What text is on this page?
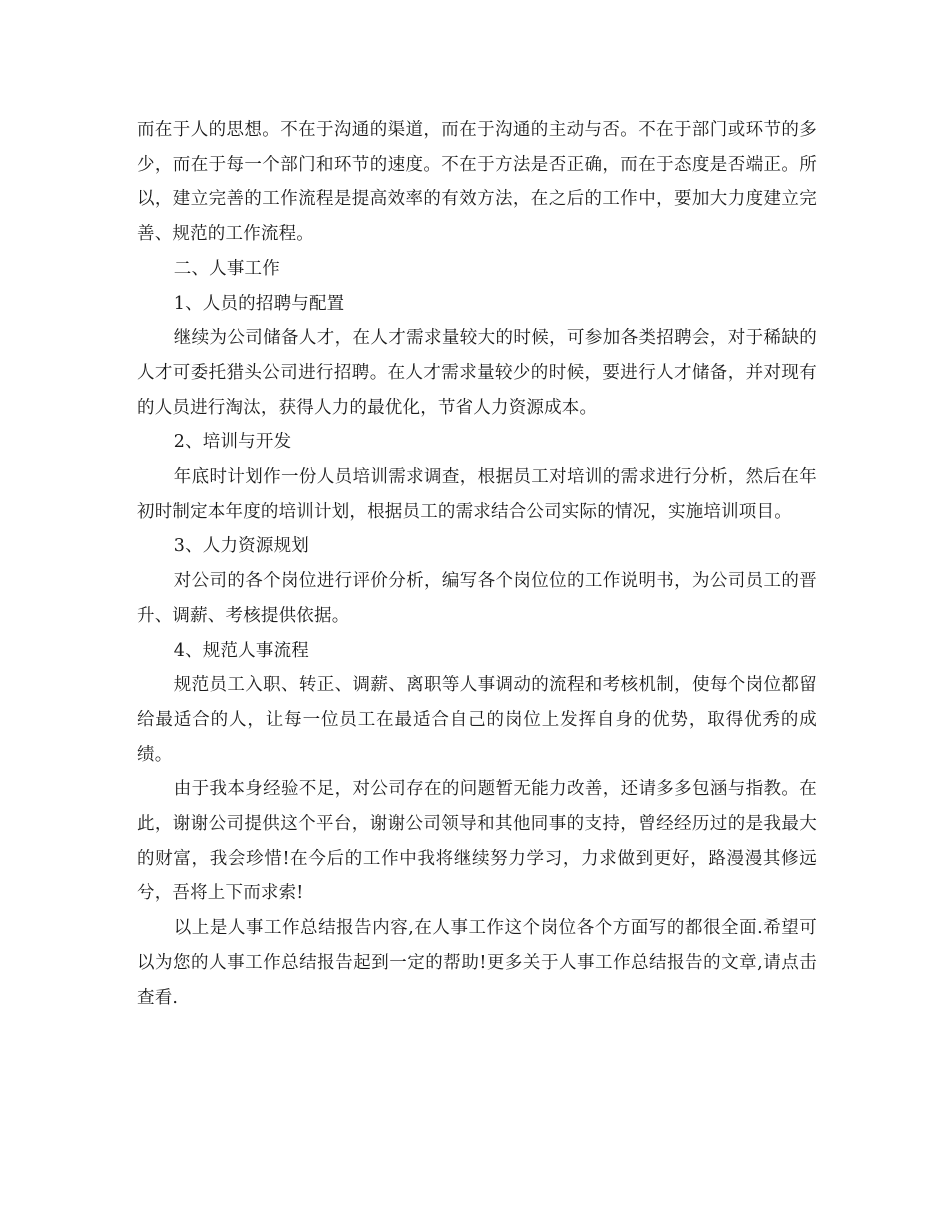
而在于人的思想。不在于沟通的渠道，而在于沟通的主动与否。不在于部门或环节的多少，而在于每一个部门和环节的速度。不在于方法是否正确，而在于态度是否端正。所以，建立完善的工作流程是提高效率的有效方法，在之后的工作中，要加大力度建立完善、规范的工作流程。

二、人事工作

1、人员的招聘与配置

继续为公司储备人才，在人才需求量较大的时候，可参加各类招聘会，对于稀缺的人才可委托猎头公司进行招聘。在人才需求量较少的时候，要进行人才储备，并对现有的人员进行淘汰，获得人力的最优化，节省人力资源成本。

2、培训与开发

年底时计划作一份人员培训需求调查，根据员工对培训的需求进行分析，然后在年初时制定本年度的培训计划，根据员工的需求结合公司实际的情况，实施培训项目。

3、人力资源规划

对公司的各个岗位进行评价分析，编写各个岗位位的工作说明书，为公司员工的晋升、调薪、考核提供依据。

4、规范人事流程

规范员工入职、转正、调薪、离职等人事调动的流程和考核机制，使每个岗位都留给最适合的人，让每一位员工在最适合自己的岗位上发挥自身的优势，取得优秀的成绩。

由于我本身经验不足，对公司存在的问题暂无能力改善，还请多多包涵与指教。在此，谢谢公司提供这个平台，谢谢公司领导和其他同事的支持，曾经经历过的是我最大的财富，我会珍惜!在今后的工作中我将继续努力学习，力求做到更好，路漫漫其修远兮，吾将上下而求索!

以上是人事工作总结报告内容,在人事工作这个岗位各个方面写的都很全面.希望可以为您的人事工作总结报告起到一定的帮助!更多关于人事工作总结报告的文章,请点击查看.
